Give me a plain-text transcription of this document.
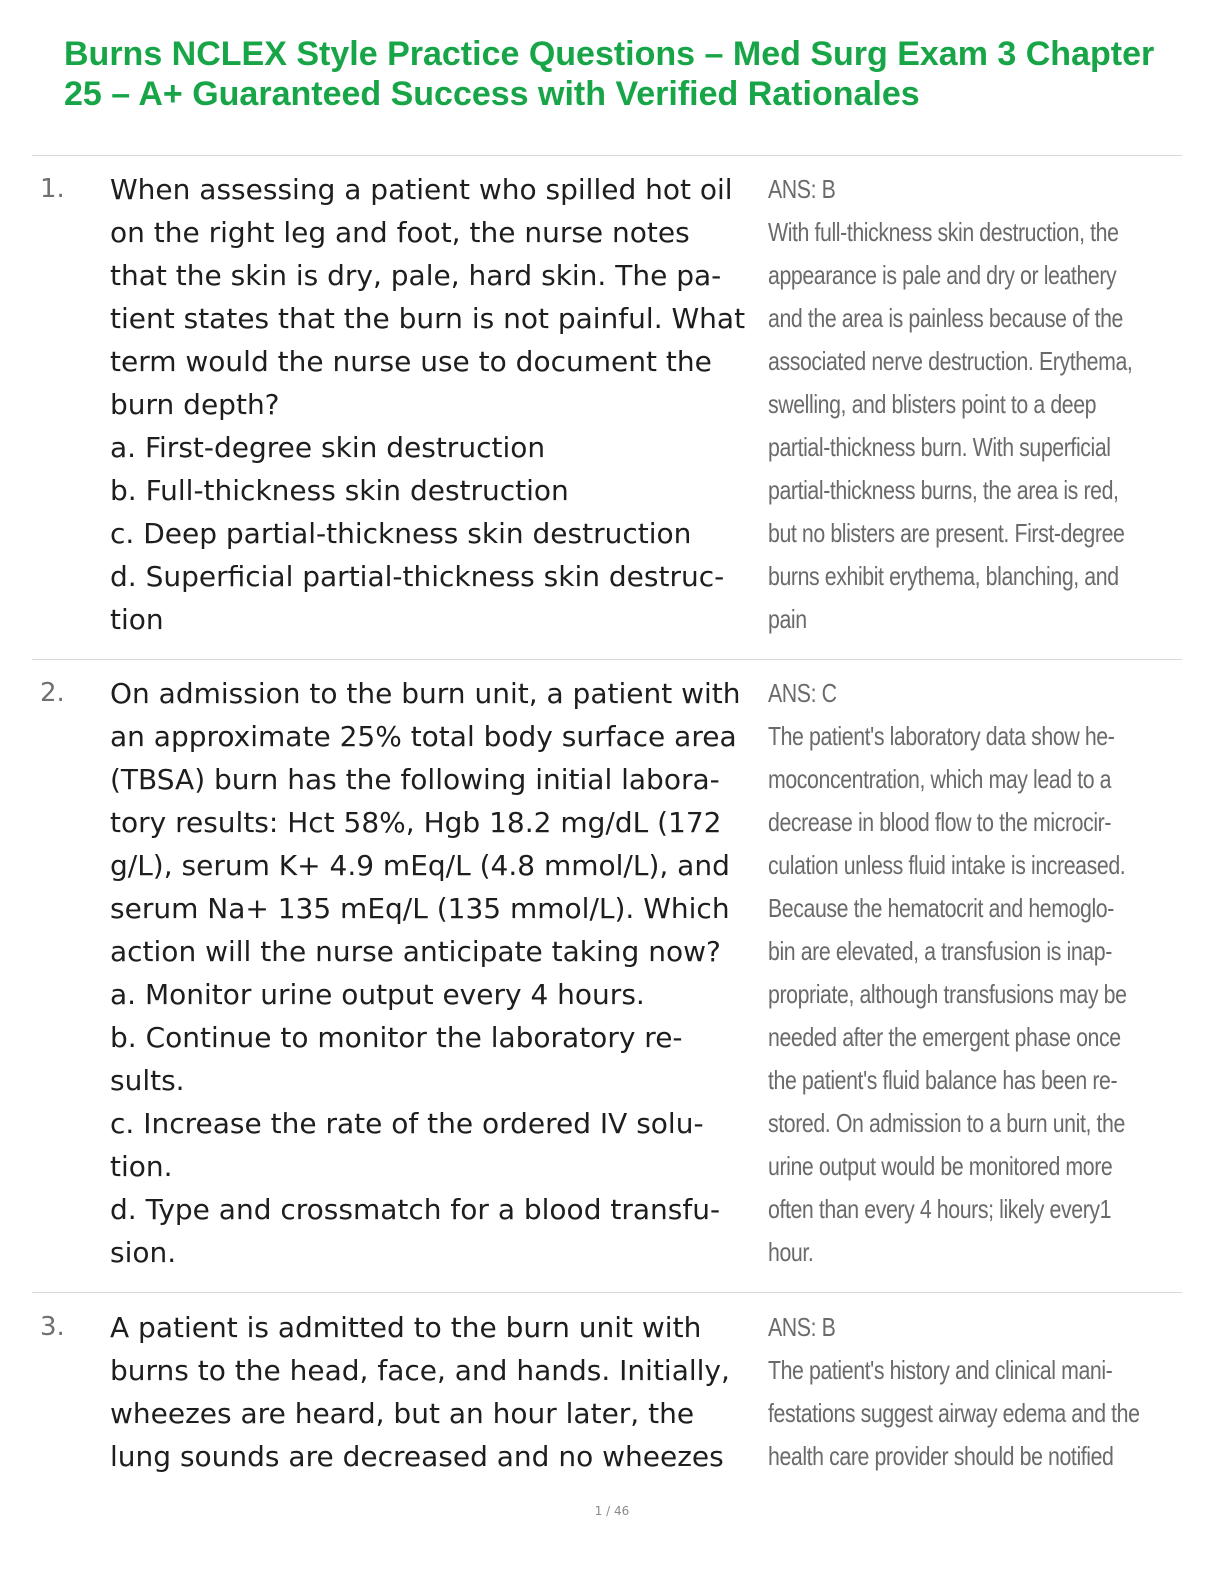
Burns NCLEX Style Practice Questions – Med Surg Exam 3 Chapter
25 – A+ Guaranteed Success with Verified Rationales
1. When assessing a patient who spilled hot oil
on the right leg and foot, the nurse notes
that the skin is dry, pale, hard skin. The pa-
tient states that the burn is not painful. What
term would the nurse use to document the
burn depth?
a. First-degree skin destruction
b. Full-thickness skin destruction
c. Deep partial-thickness skin destruction
d. Superficial partial-thickness skin destruc-
tion
ANS: B
With full-thickness skin destruction, the
appearance is pale and dry or leathery
and the area is painless because of the
associated nerve destruction. Erythema,
swelling, and blisters point to a deep
partial-thickness burn. With superficial
partial-thickness burns, the area is red,
but no blisters are present. First-degree
burns exhibit erythema, blanching, and
pain
2. On admission to the burn unit, a patient with
an approximate 25% total body surface area
(TBSA) burn has the following initial labora-
tory results: Hct 58%, Hgb 18.2 mg/dL (172
g/L), serum K+ 4.9 mEq/L (4.8 mmol/L), and
serum Na+ 135 mEq/L (135 mmol/L). Which
action will the nurse anticipate taking now?
a. Monitor urine output every 4 hours.
b. Continue to monitor the laboratory re-
sults.
c. Increase the rate of the ordered IV solu-
tion.
d. Type and crossmatch for a blood transfu-
sion.
ANS: C
The patient's laboratory data show he-
moconcentration, which may lead to a
decrease in blood flow to the microcir-
culation unless fluid intake is increased.
Because the hematocrit and hemoglo-
bin are elevated, a transfusion is inap-
propriate, although transfusions may be
needed after the emergent phase once
the patient's fluid balance has been re-
stored. On admission to a burn unit, the
urine output would be monitored more
often than every 4 hours; likely every1
hour.
3. A patient is admitted to the burn unit with
burns to the head, face, and hands. Initially,
wheezes are heard, but an hour later, the
lung sounds are decreased and no wheezes
ANS: B
The patient's history and clinical mani-
festations suggest airway edema and the
health care provider should be notified
1 / 46
